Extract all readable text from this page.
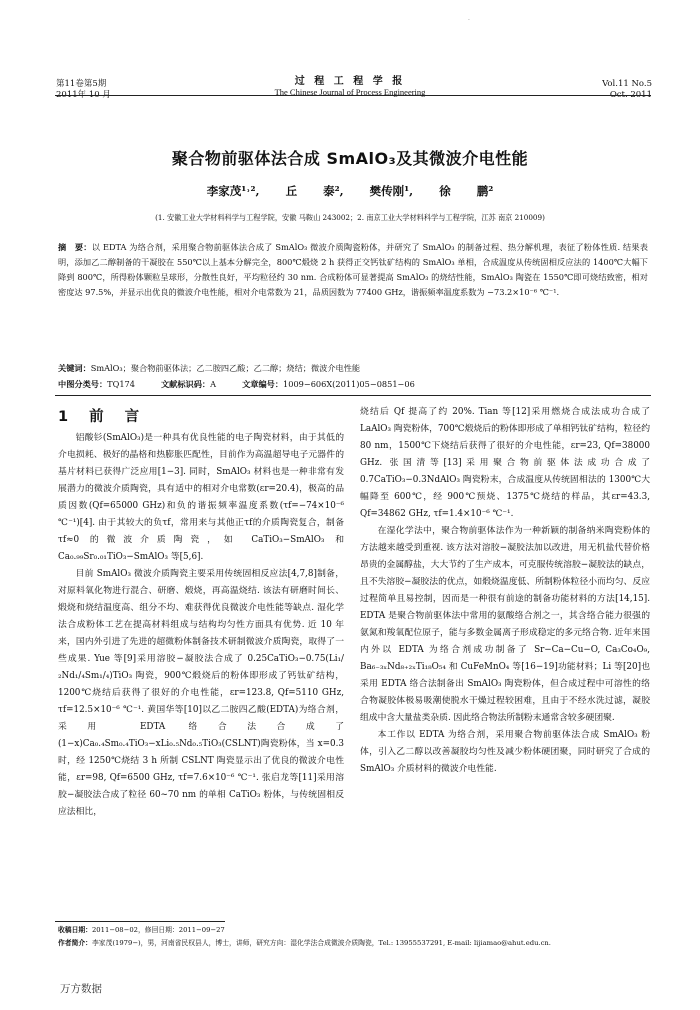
·
第11卷第5期
2011年 10 月
过 程 工 程 学 报
The Chinese Journal of Process Engineering
Vol.11 No.5
Oct. 2011
聚合物前驱体法合成 SmAlO₃及其微波介电性能
李家茂¹˒², 丘 泰², 樊传刚¹, 徐 鹏²
(1. 安徽工业大学材料科学与工程学院，安徽 马鞍山 243002；2. 南京工业大学材料科学与工程学院，江苏 南京 210009)
摘　要：以 EDTA 为络合剂，采用聚合物前驱体法合成了 SmAlO₃ 微波介质陶瓷粉体，并研究了 SmAlO₃ 的制备过程、热分解机理，表征了粉体性质. 结果表明，添加乙二醇制备的干凝胶在 550℃以上基本分解完全，800℃煅烧 2 h 获得正交钙钛矿结构的 SmAlO₃ 单相，合成温度从传统固相反应法的 1400℃大幅下降到 800℃，所得粉体颗粒呈球形，分散性良好，平均粒径约 30 nm. 合成粉体可显著提高 SmAlO₃ 的烧结性能，SmAlO₃ 陶瓷在 1550℃即可烧结致密，相对密度达 97.5%，并显示出优良的微波介电性能，相对介电常数为 21，品质因数为 77400 GHz，谐振频率温度系数为 −73.2×10⁻⁶ ℃⁻¹.
关键词：SmAlO₃；聚合物前驱体法；乙二胺四乙酸；乙二醇；烧结；微波介电性能
中图分类号：TQ174	文献标识码：A	文章编号：1009−606X(2011)05−0851−06
1 前 言

铝酸钐(SmAlO₃)是一种具有优良性能的电子陶瓷材料，由于其低的介电损耗、极好的晶格和热膨胀匹配性，目前作为高温超导电子元器件的基片材料已获得广泛应用[1−3]. 同时，SmAlO₃ 材料也是一种非常有发展潜力的微波介质陶瓷，具有适中的相对介电常数(εr=20.4)，极高的品质因数(Qf=65000 GHz)和负的谐振频率温度系数(τf=−74×10⁻⁶ ℃⁻¹)[4]. 由于其较大的负τf，常用来与其他正τf的介质陶瓷复合，制备τf≈0 的微波介质陶瓷，如 CaTiO₃−SmAlO₃ 和 Ca₀.₉₉Sr₀.₀₁TiO₃−SmAlO₃ 等[5,6].

目前 SmAlO₃ 微波介质陶瓷主要采用传统固相反应法[4,7,8]制备，对原料氧化物进行混合、研磨、煅烧，再高温烧结. 该法有研磨时间长、煅烧和烧结温度高、组分不均、难获得优良微波介电性能等缺点. 湿化学法合成粉体工艺在提高材料组成与结构均匀性方面具有优势. 近 10 年来，国内外引进了先进的超微粉体制备技术研制微波介质陶瓷，取得了一些成果. Yue 等[9]采用溶胶−凝胶法合成了 0.25CaTiO₃−0.75(Li₁/₂Nd₁/₄Sm₁/₄)TiO₃ 陶瓷，900℃煅烧后的粉体即形成了钙钛矿结构，1200℃烧结后获得了很好的介电性能，εr=123.8, Qf=5110 GHz, τf=12.5×10⁻⁶ ℃⁻¹. 黄国华等[10]以乙二胺四乙酸(EDTA)为络合剂，采用 EDTA 络合法合成了(1−x)Ca₀.₄Sm₀.₄TiO₃−xLi₀.₅Nd₀.₅TiO₃(CSLNT)陶瓷粉体，当 x=0.3 时，经 1250℃烧结 3 h 所制 CSLNT 陶瓷显示出了优良的微波介电性能，εr=98, Qf=6500 GHz, τf=7.6×10⁻⁶ ℃⁻¹. 张启龙等[11]采用溶胶−凝胶法合成了粒径 60~70 nm 的单相 CaTiO₃ 粉体，与传统固相反应法相比，

烧结后 Qf 提高了约 20%. Tian 等[12]采用燃烧合成法成功合成了 LaAlO₃ 陶瓷粉体，700℃煅烧后的粉体即形成了单相钙钛矿结构，粒径约 80 nm，1500℃下烧结后获得了很好的介电性能，εr=23, Qf=38000 GHz. 张国清等[13]采用聚合物前驱体法成功合成了 0.7CaTiO₃−0.3NdAlO₃ 陶瓷粉末，合成温度从传统固相法的 1300℃大幅降至 600℃，经 900℃预烧、1375℃烧结的样品，其εr=43.3, Qf=34862 GHz, τf=1.4×10⁻⁶ ℃⁻¹.

在湿化学法中，聚合物前驱体法作为一种新颖的制备纳米陶瓷粉体的方法越来越受到重视. 该方法对溶胶−凝胶法加以改进，用无机盐代替价格昂贵的金属醇盐，大大节约了生产成本，可克服传统溶胶−凝胶法的缺点，且不失溶胶−凝胶法的优点，如煅烧温度低、所制粉体粒径小而均匀、反应过程简单且易控制，因而是一种很有前途的制备功能材料的方法[14,15]. EDTA 是聚合物前驱体法中常用的氨酸络合剂之一，其含络合能力很强的氨氮和羧氧配位原子，能与多数金属离子形成稳定的多元络合物. 近年来国内外以 EDTA 为络合剂成功制备了 Sr−Ca−Cu−O, Ca₃Co₄O₉, Ba₆₋₃ₓNd₈₊₂ₓTi₁₈O₅₄ 和 CuFeMnO₄ 等[16−19]功能材料；Li 等[20]也采用 EDTA 络合法制备出 SmAlO₃ 陶瓷粉体，但合成过程中可溶性的络合物凝胶体极易吸潮使脱水干燥过程较困难，且由于不经水洗过滤，凝胶组成中含大量盐类杂质. 因此络合物法所制粉末通常含较多硬团聚.

本工作以 EDTA 为络合剂，采用聚合物前驱体法合成 SmAlO₃ 粉体，引入乙二醇以改善凝胶均匀性及减少粉体硬团聚，同时研究了合成的 SmAlO₃ 介质材料的微波介电性能.

收稿日期：2011−08−02，修回日期：2011−09−27
作者简介：李家茂(1979−)，男，河南省民权县人，博士，讲师，研究方向：湿化学法合成微波介质陶瓷，Tel.: 13955537291, E-mail: lijiamao@ahut.edu.cn.
万方数据
